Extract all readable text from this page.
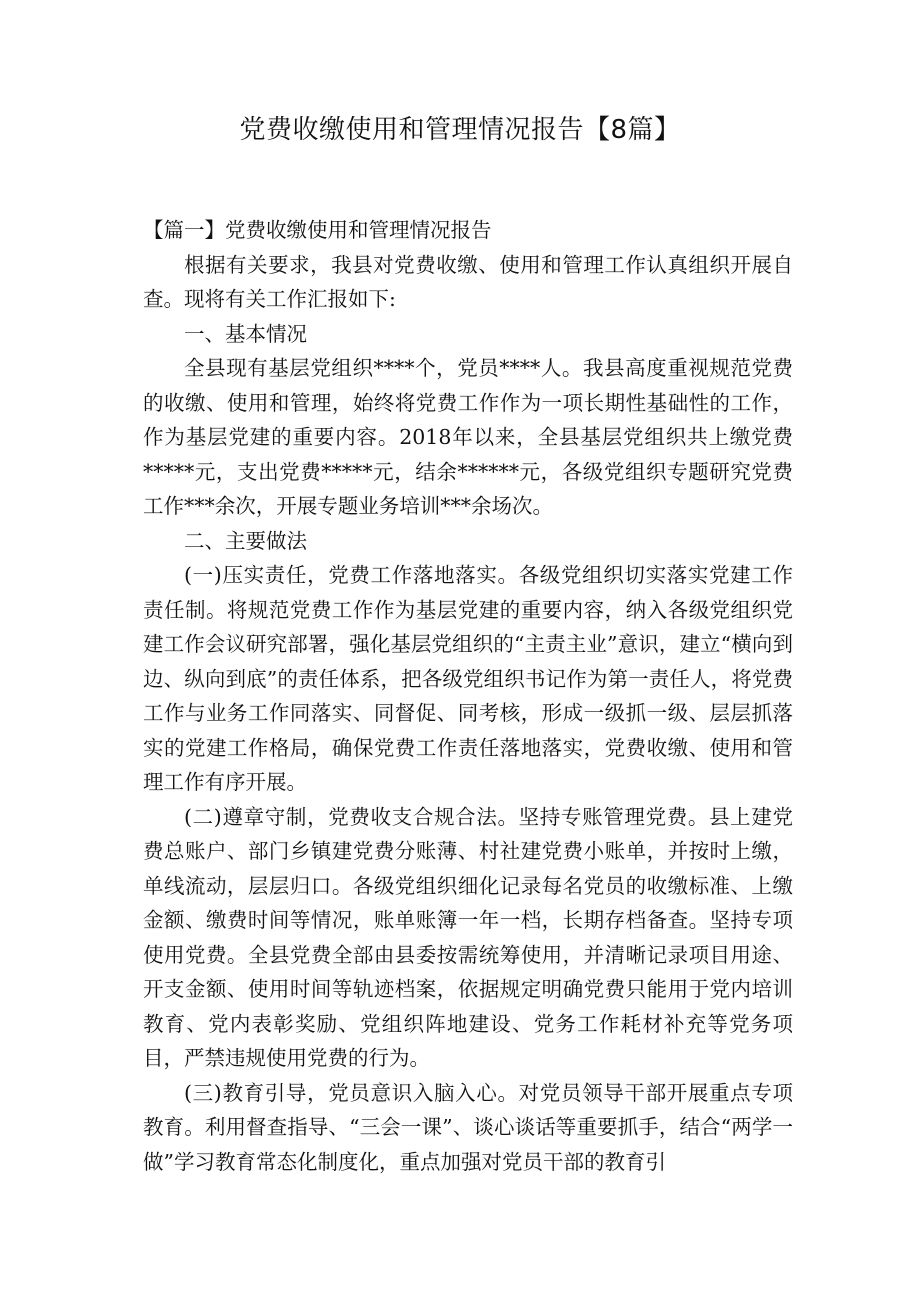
党费收缴使用和管理情况报告【8篇】

【篇一】党费收缴使用和管理情况报告

根据有关要求，我县对党费收缴、使用和管理工作认真组织开展自查。现将有关工作汇报如下:

一、基本情况

全县现有基层党组织****个，党员****人。我县高度重视规范党费的收缴、使用和管理，始终将党费工作作为一项长期性基础性的工作，作为基层党建的重要内容。2018年以来，全县基层党组织共上缴党费*****元，支出党费*****元，结余******元，各级党组织专题研究党费工作***余次，开展专题业务培训***余场次。

二、主要做法

(一)压实责任，党费工作落地落实。各级党组织切实落实党建工作责任制。将规范党费工作作为基层党建的重要内容，纳入各级党组织党建工作会议研究部署，强化基层党组织的“主责主业”意识，建立“横向到边、纵向到底”的责任体系，把各级党组织书记作为第一责任人，将党费工作与业务工作同落实、同督促、同考核，形成一级抓一级、层层抓落实的党建工作格局，确保党费工作责任落地落实，党费收缴、使用和管理工作有序开展。

(二)遵章守制，党费收支合规合法。坚持专账管理党费。县上建党费总账户、部门乡镇建党费分账薄、村社建党费小账单，并按时上缴，单线流动，层层归口。各级党组织细化记录每名党员的收缴标准、上缴金额、缴费时间等情况，账单账簿一年一档，长期存档备查。坚持专项使用党费。全县党费全部由县委按需统筹使用，并清晰记录项目用途、开支金额、使用时间等轨迹档案，依据规定明确党费只能用于党内培训教育、党内表彰奖励、党组织阵地建设、党务工作耗材补充等党务项目，严禁违规使用党费的行为。

(三)教育引导，党员意识入脑入心。对党员领导干部开展重点专项教育。利用督查指导、“三会一课”、谈心谈话等重要抓手，结合“两学一做”学习教育常态化制度化，重点加强对党员干部的教育引
